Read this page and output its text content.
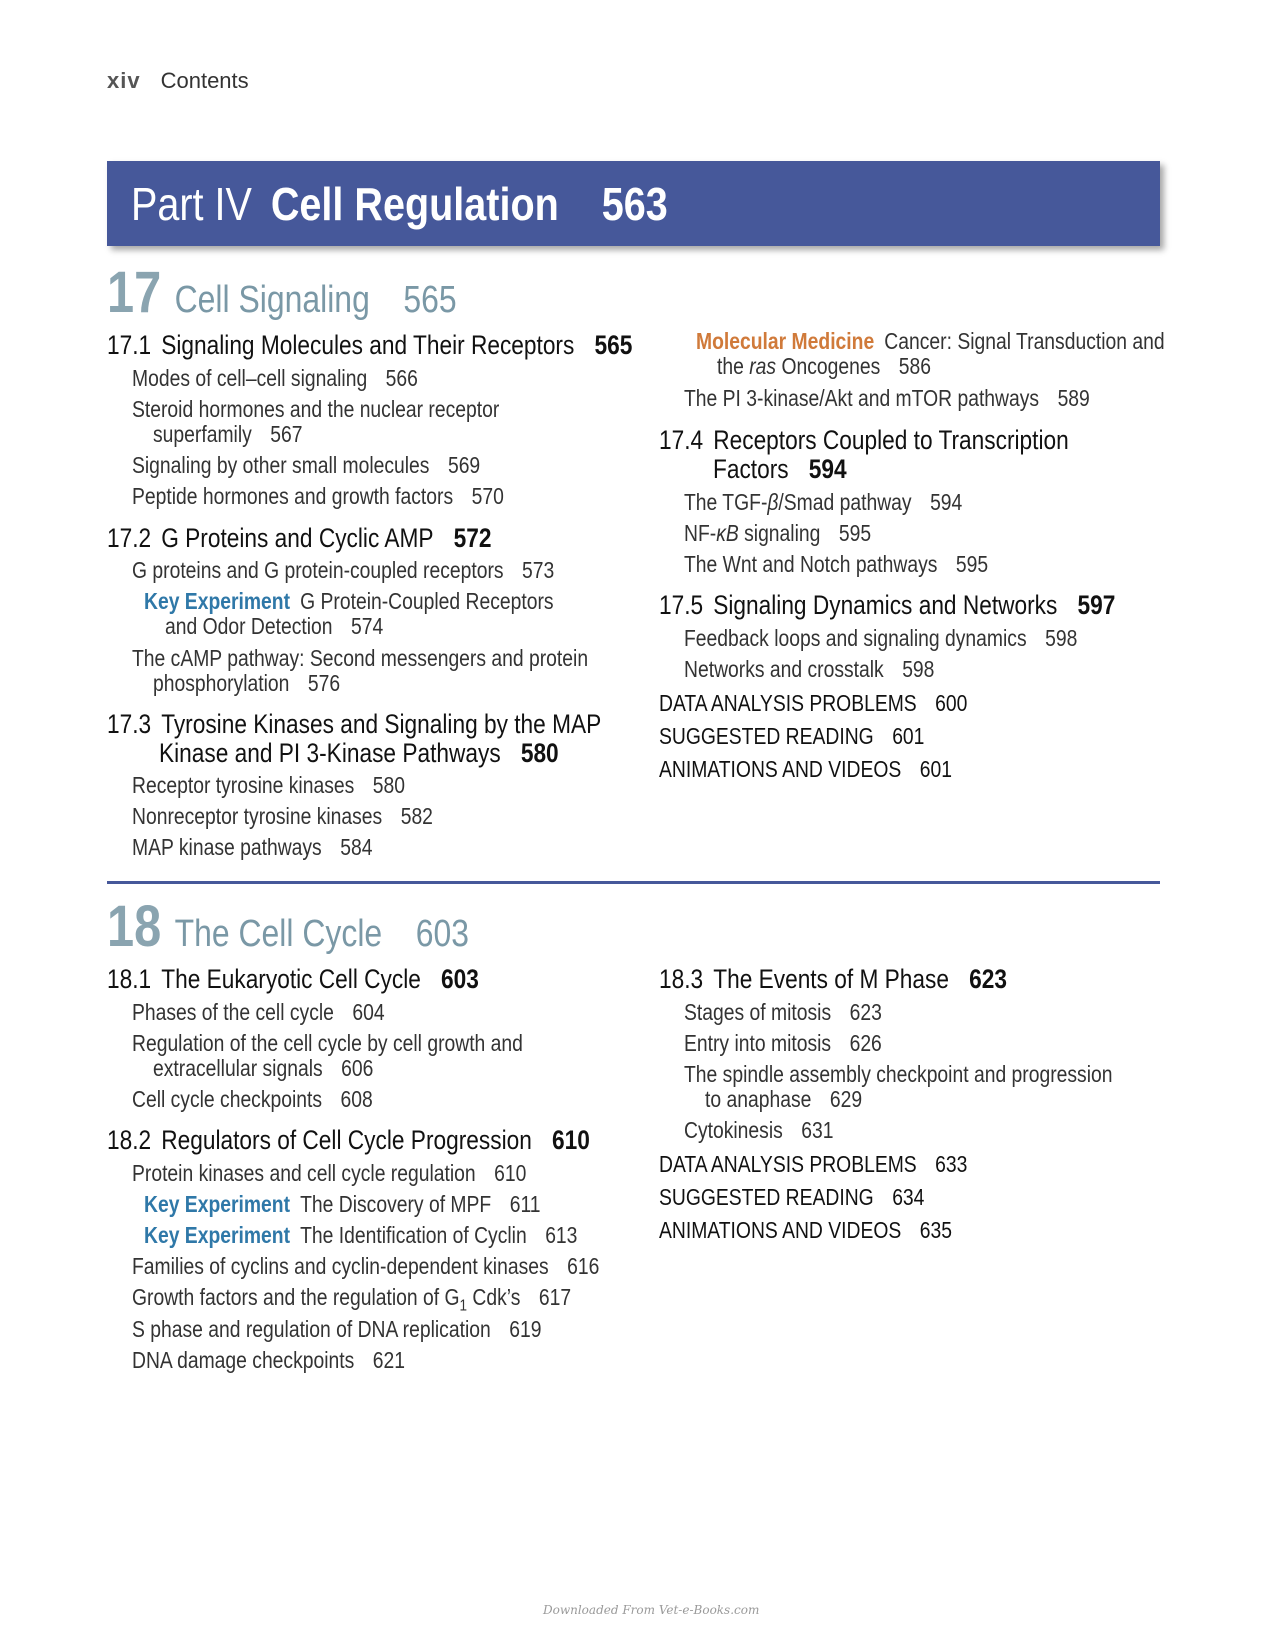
xiv Contents
Part IV Cell Regulation 563
17 Cell Signaling 565
17.1 Signaling Molecules and Their Receptors 565
Modes of cell–cell signaling 566
Steroid hormones and the nuclear receptor
superfamily 567
Signaling by other small molecules 569
Peptide hormones and growth factors 570
17.2 G Proteins and Cyclic AMP 572
G proteins and G protein-coupled receptors 573
Key Experiment G Protein-Coupled Receptors
and Odor Detection 574
The cAMP pathway: Second messengers and protein
phosphorylation 576
17.3 Tyrosine Kinases and Signaling by the MAP
Kinase and PI 3-Kinase Pathways 580
Receptor tyrosine kinases 580
Nonreceptor tyrosine kinases 582
MAP kinase pathways 584
Molecular Medicine Cancer: Signal Transduction and
the ras Oncogenes 586
The PI 3-kinase/Akt and mTOR pathways 589
17.4 Receptors Coupled to Transcription
Factors 594
The TGF-β/Smad pathway 594
NF-κB signaling 595
The Wnt and Notch pathways 595
17.5 Signaling Dynamics and Networks 597
Feedback loops and signaling dynamics 598
Networks and crosstalk 598
DATA ANALYSIS PROBLEMS 600
SUGGESTED READING 601
ANIMATIONS AND VIDEOS 601
18 The Cell Cycle 603
18.1 The Eukaryotic Cell Cycle 603
Phases of the cell cycle 604
Regulation of the cell cycle by cell growth and
extracellular signals 606
Cell cycle checkpoints 608
18.2 Regulators of Cell Cycle Progression 610
Protein kinases and cell cycle regulation 610
Key Experiment The Discovery of MPF 611
Key Experiment The Identification of Cyclin 613
Families of cyclins and cyclin-dependent kinases 616
Growth factors and the regulation of $G_1$ Cdk’s 617
S phase and regulation of DNA replication 619
DNA damage checkpoints 621
18.3 The Events of M Phase 623
Stages of mitosis 623
Entry into mitosis 626
The spindle assembly checkpoint and progression
to anaphase 629
Cytokinesis 631
DATA ANALYSIS PROBLEMS 633
SUGGESTED READING 634
ANIMATIONS AND VIDEOS 635
Downloaded From Vet-e-Books.com
